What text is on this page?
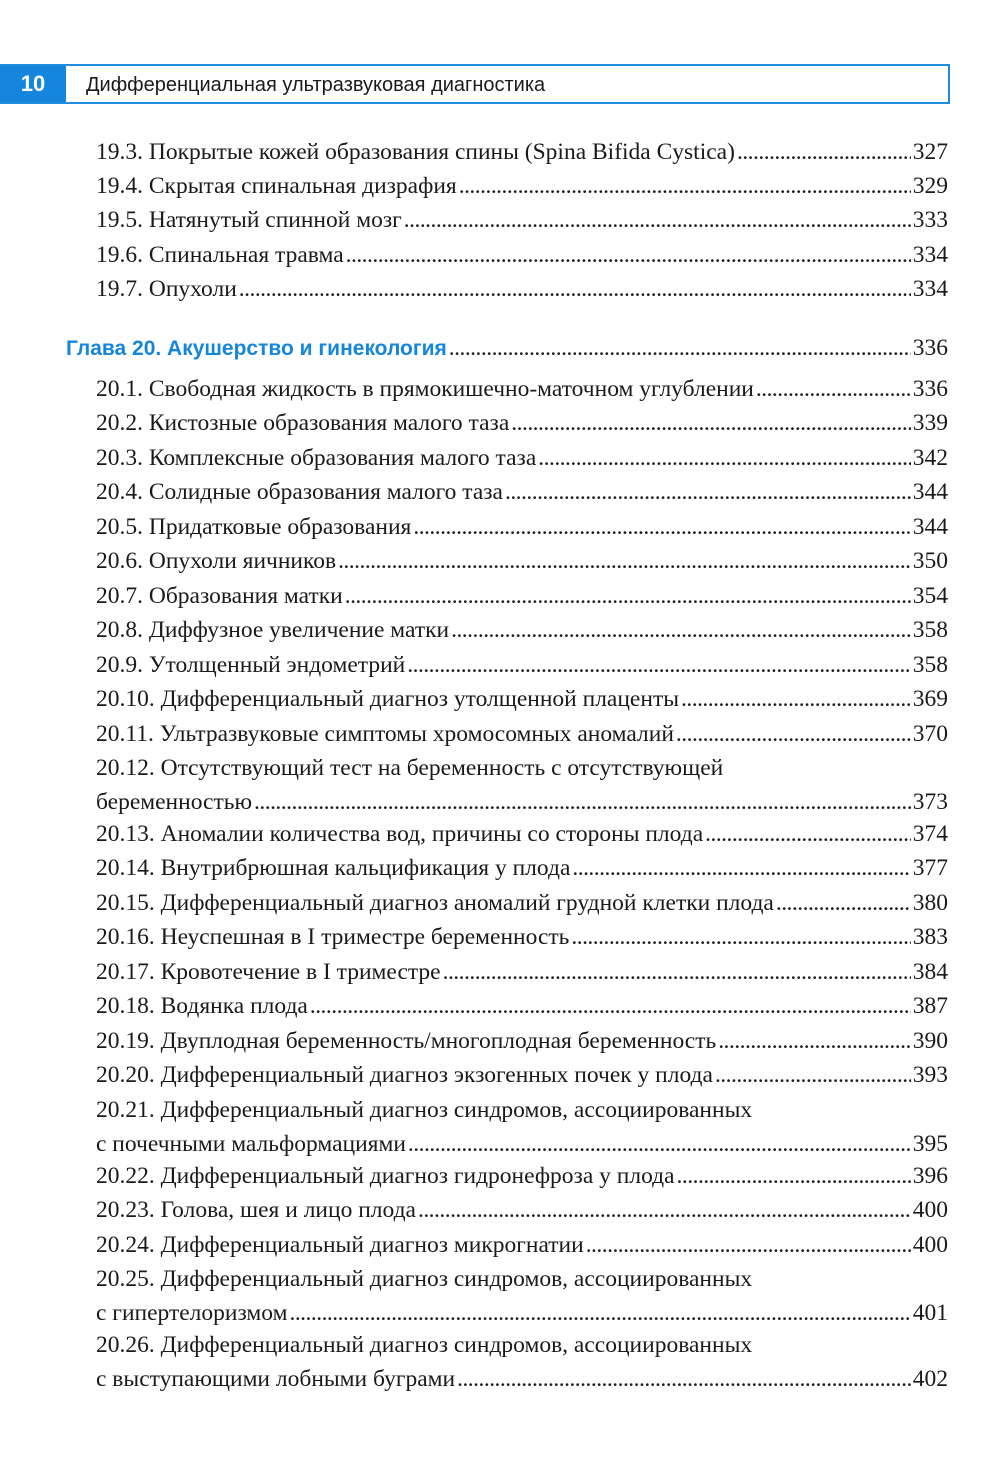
10	Дифференциальная ультразвуковая диагностика
19.3. Покрытые кожей образования спины (Spina Bifida Cystica) . . .	327
19.4. Скрытая спинальная дизрафия . . .	329
19.5. Натянутый спинной мозг . . .	333
19.6. Спинальная травма . . .	334
19.7. Опухоли . . .	334
Глава 20. Акушерство и гинекология . . .	336
20.1. Свободная жидкость в прямокишечно-маточном углублении . . .	336
20.2. Кистозные образования малого таза . . .	339
20.3. Комплексные образования малого таза . . .	342
20.4. Солидные образования малого таза . . .	344
20.5. Придатковые образования . . .	344
20.6. Опухоли яичников . . .	350
20.7. Образования матки . . .	354
20.8. Диффузное увеличение матки . . .	358
20.9. Утолщенный эндометрий . . .	358
20.10. Дифференциальный диагноз утолщенной плаценты . . .	369
20.11. Ультразвуковые симптомы хромосомных аномалий . . .	370
20.12. Отсутствующий тест на беременность с отсутствующей
беременностью . . .	373
20.13. Аномалии количества вод, причины со стороны плода . . .	374
20.14. Внутрибрюшная кальцификация у плода . . .	377
20.15. Дифференциальный диагноз аномалий грудной клетки плода . . .	380
20.16. Неуспешная в I триместре беременность . . .	383
20.17. Кровотечение в I триместре . . .	384
20.18. Водянка плода . . .	387
20.19. Двуплодная беременность/многоплодная беременность . . .	390
20.20. Дифференциальный диагноз экзогенных почек у плода . . .	393
20.21. Дифференциальный диагноз синдромов, ассоциированных
с почечными мальформациями . . .	395
20.22. Дифференциальный диагноз гидронефроза у плода . . .	396
20.23. Голова, шея и лицо плода . . .	400
20.24. Дифференциальный диагноз микрогнатии . . .	400
20.25. Дифференциальный диагноз синдромов, ассоциированных
с гипертелоризмом . . .	401
20.26. Дифференциальный диагноз синдромов, ассоциированных
с выступающими лобными буграми . . .	402
